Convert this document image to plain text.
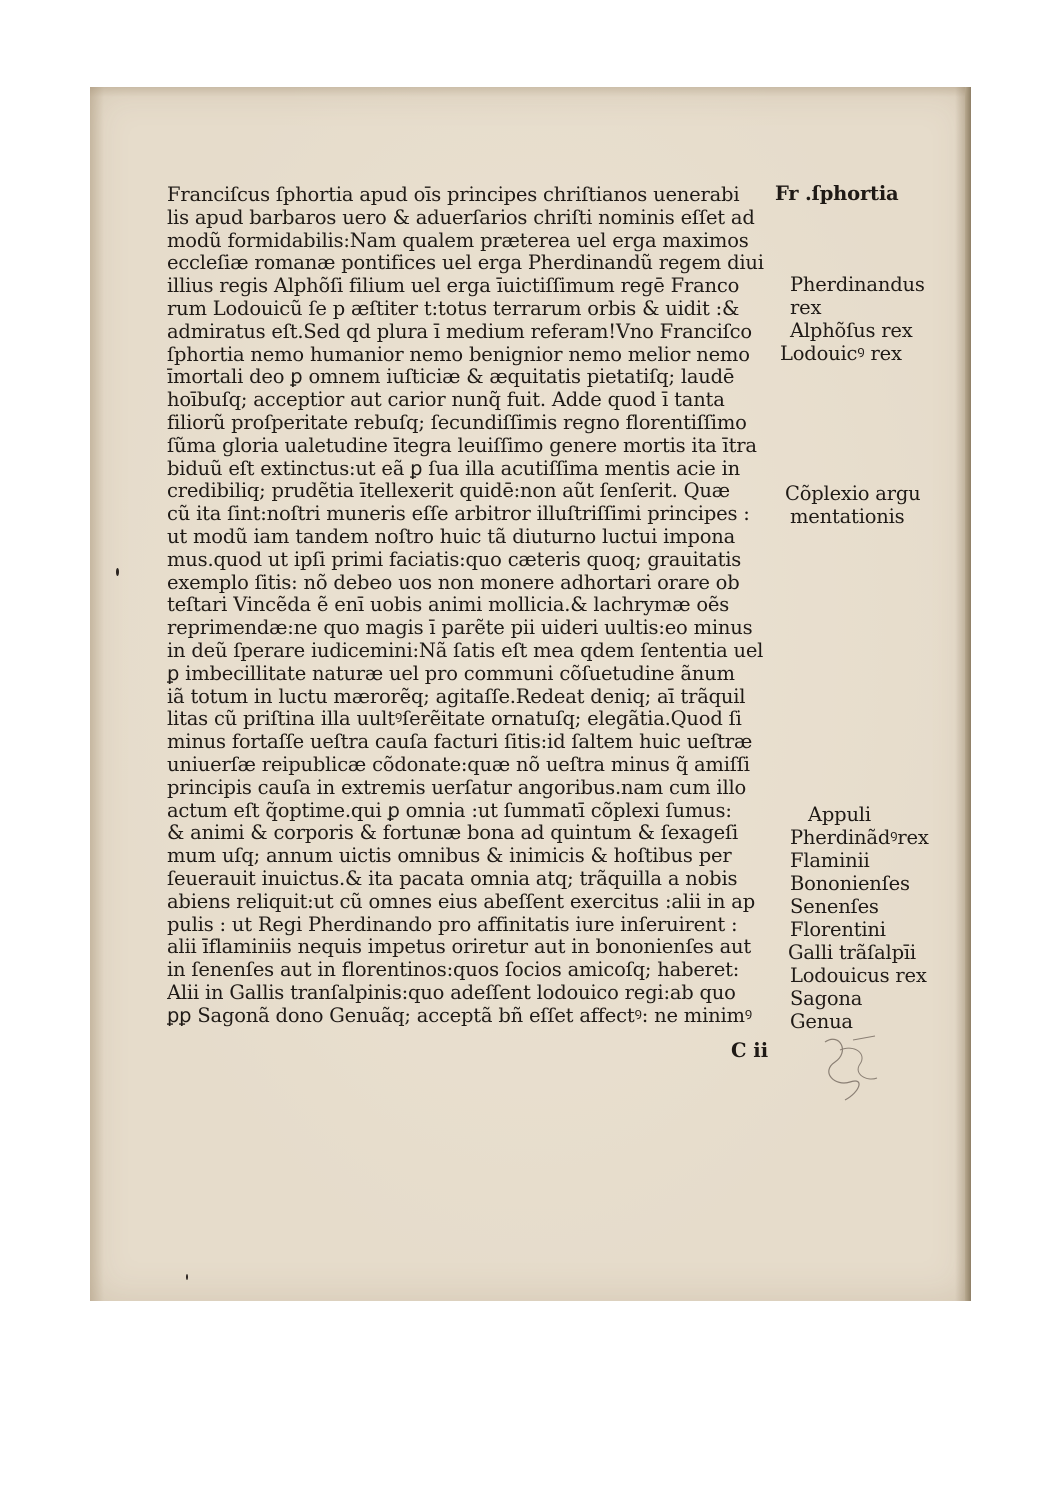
Franciſcus ſphortia apud oīs principes chriſtianos uenerabi
lis apud barbaros uero & aduerſarios chriſti nominis eſſet ad
modũ formidabilis:Nam qualem præterea uel erga maximos
eccleſiæ romanæ pontifices uel erga Pherdinandũ regem diui
illius regis Alphõſi filium uel erga īuictiſſimum regē Franco
rum Lodouicũ ſe p æſtiter t:totus terrarum orbis & uidit :&
admiratus eſt.Sed qd plura ī medium referam!Vno Franciſco
ſphortia nemo humanior nemo benignior nemo melior nemo
īmortali deo ꝑ omnem iuſticiæ & æquitatis pietatiſq; laudē
hoībuſq; acceptior aut carior nunq̃ fuit. Adde quod ī tanta
filiorũ proſperitate rebuſq; ſecundiſſimis regno florentiſſimo
ſũma gloria ualetudine ītegra leuiſſimo genere mortis ita ītra
biduũ eſt extinctus:ut eã ꝑ ſua illa acutiſſima mentis acie in
credibiliq; prudẽtia ītellexerit quidē:non aũt ſenſerit. Quæ
cũ ita ſint:noſtri muneris eſſe arbitror illuſtriſſimi principes :
ut modũ iam tandem noſtro huic tã diuturno luctui impona
mus.quod ut ipſi primi faciatis:quo cæteris quoq; grauitatis
exemplo ſitis: nõ debeo uos non monere adhortari orare ob
teſtari Vincẽda ẽ enī uobis animi mollicia.& lachrymæ oẽs
reprimendæ:ne quo magis ī parẽte pii uideri uultis:eo minus
in deũ ſperare iudicemini:Nã ſatis eſt mea qdem ſententia uel
ꝑ imbecillitate naturæ uel pro communi cõſuetudine ãnum
iã totum in luctu mærorẽq; agitaſſe.Redeat deniq; aī trãquil
litas cũ priſtina illa uultꝰſerẽitate ornatuſq; elegãtia.Quod ſi
minus fortaſſe ueſtra cauſa facturi ſitis:id ſaltem huic ueſtræ
uniuerſæ reipublicæ cõdonate:quæ nõ ueſtra minus q̃ amiſſi
principis cauſa in extremis uerſatur angoribus.nam cum illo
actum eſt q̃optime.qui ꝑ omnia :ut ſummatī cõplexi ſumus:
& animi & corporis & fortunæ bona ad quintum & ſexageſi
mum uſq; annum uictis omnibus & inimicis & hoſtibus per
ſeuerauit inuictus.& ita pacata omnia atq; trãquilla a nobis
abiens reliquit:ut cũ omnes eius abeſſent exercitus :alii in ap
pulis : ut Regi Pherdinando pro affinitatis iure inſeruirent :
alii īflaminiis nequis impetus oriretur aut in bononienſes aut
in ſenenſes aut in florentinos:quos ſocios amicoſq; haberet:
Alii in Gallis tranſalpinis:quo adeſſent lodouico regi:ab quo
ꝑꝑ Sagonã dono Genuãq; acceptã bñ eſſet affectꝰ: ne minimꝰ
Fr .ſphortia
Pherdinandus
rex
Alphõſus rex
Lodouicꝰ rex
Cõplexio argu
mentationis
Appuli
Pherdinãdꝰrex
Flaminii
Bononienſes
Senenſes
Florentini
Galli trãſalpīi
Lodouicus rex
Sagona
Genua
C ii
